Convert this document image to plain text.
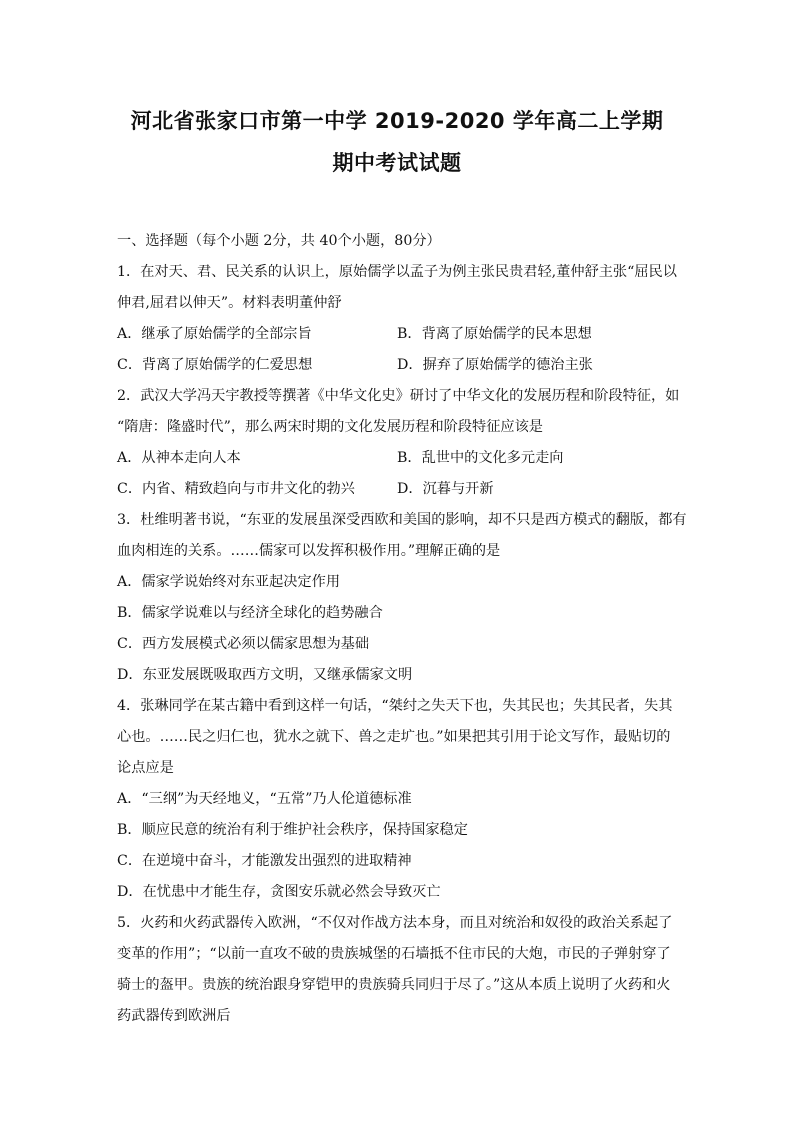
河北省张家口市第一中学 2019-2020 学年高二上学期
期中考试试题

一、选择题（每个小题 2分，共 40个小题，80分）

1．在对天、君、民关系的认识上，原始儒学以孟子为例主张民贵君轻,董仲舒主张“屈民以

伸君,屈君以伸天”。材料表明董仲舒

A．继承了原始儒学的全部宗旨	B．背离了原始儒学的民本思想
C．背离了原始儒学的仁爱思想	D．摒弃了原始儒学的德治主张

2．武汉大学冯天宇教授等撰著《中华文化史》研讨了中华文化的发展历程和阶段特征，如

“隋唐：隆盛时代”，那么两宋时期的文化发展历程和阶段特征应该是

A．从神本走向人本	B．乱世中的文化多元走向
C．内省、精致趋向与市井文化的勃兴	D．沉暮与开新

3．杜维明著书说，“东亚的发展虽深受西欧和美国的影响，却不只是西方模式的翻版，都有

血肉相连的关系。……儒家可以发挥积极作用。”理解正确的是

A．儒家学说始终对东亚起决定作用

B．儒家学说难以与经济全球化的趋势融合

C．西方发展模式必须以儒家思想为基础

D．东亚发展既吸取西方文明，又继承儒家文明

4．张琳同学在某古籍中看到这样一句话，“桀纣之失天下也，失其民也；失其民者，失其

心也。……民之归仁也，犹水之就下、兽之走圹也。”如果把其引用于论文写作，最贴切的

论点应是

A．“三纲”为天经地义，“五常”乃人伦道德标准

B．顺应民意的统治有利于维护社会秩序，保持国家稳定

C．在逆境中奋斗，才能激发出强烈的进取精神

D．在忧患中才能生存，贪图安乐就必然会导致灭亡

5．火药和火药武器传入欧洲，“不仅对作战方法本身，而且对统治和奴役的政治关系起了

变革的作用”；“以前一直攻不破的贵族城堡的石墙抵不住市民的大炮，市民的子弹射穿了

骑士的盔甲。贵族的统治跟身穿铠甲的贵族骑兵同归于尽了。”这从本质上说明了火药和火

药武器传到欧洲后
